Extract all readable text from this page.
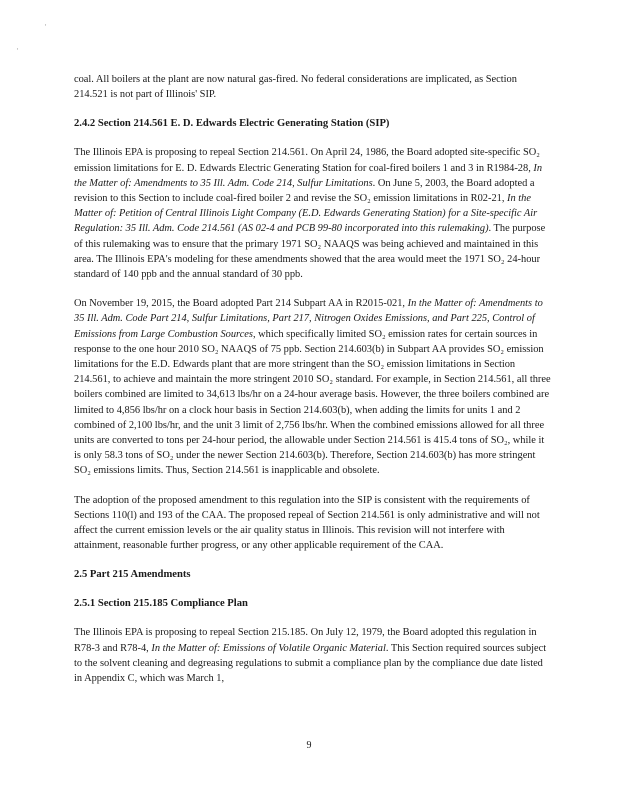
·
·

coal. All boilers at the plant are now natural gas-fired. No federal considerations are implicated, as Section 214.521 is not part of Illinois' SIP.

2.4.2 Section 214.561 E. D. Edwards Electric Generating Station (SIP)

The Illinois EPA is proposing to repeal Section 214.561. On April 24, 1986, the Board adopted site-specific SO₂ emission limitations for E. D. Edwards Electric Generating Station for coal-fired boilers 1 and 3 in R1984-28, In the Matter of: Amendments to 35 Ill. Adm. Code 214, Sulfur Limitations. On June 5, 2003, the Board adopted a revision to this Section to include coal-fired boiler 2 and revise the SO₂ emission limitations in R02-21, In the Matter of: Petition of Central Illinois Light Company (E.D. Edwards Generating Station) for a Site-specific Air Regulation: 35 Ill. Adm. Code 214.561 (AS 02-4 and PCB 99-80 incorporated into this rulemaking). The purpose of this rulemaking was to ensure that the primary 1971 SO₂ NAAQS was being achieved and maintained in this area. The Illinois EPA's modeling for these amendments showed that the area would meet the 1971 SO₂ 24-hour standard of 140 ppb and the annual standard of 30 ppb.

On November 19, 2015, the Board adopted Part 214 Subpart AA in R2015-021, In the Matter of: Amendments to 35 Ill. Adm. Code Part 214, Sulfur Limitations, Part 217, Nitrogen Oxides Emissions, and Part 225, Control of Emissions from Large Combustion Sources, which specifically limited SO₂ emission rates for certain sources in response to the one hour 2010 SO₂ NAAQS of 75 ppb. Section 214.603(b) in Subpart AA provides SO₂ emission limitations for the E.D. Edwards plant that are more stringent than the SO₂ emission limitations in Section 214.561, to achieve and maintain the more stringent 2010 SO₂ standard. For example, in Section 214.561, all three boilers combined are limited to 34,613 lbs/hr on a 24-hour average basis. However, the three boilers combined are limited to 4,856 lbs/hr on a clock hour basis in Section 214.603(b), when adding the limits for units 1 and 2 combined of 2,100 lbs/hr, and the unit 3 limit of 2,756 lbs/hr. When the combined emissions allowed for all three units are converted to tons per 24-hour period, the allowable under Section 214.561 is 415.4 tons of SO₂, while it is only 58.3 tons of SO₂ under the newer Section 214.603(b). Therefore, Section 214.603(b) has more stringent SO₂ emissions limits. Thus, Section 214.561 is inapplicable and obsolete.

The adoption of the proposed amendment to this regulation into the SIP is consistent with the requirements of Sections 110(l) and 193 of the CAA. The proposed repeal of Section 214.561 is only administrative and will not affect the current emission levels or the air quality status in Illinois. This revision will not interfere with attainment, reasonable further progress, or any other applicable requirement of the CAA.

2.5 Part 215 Amendments
2.5.1 Section 215.185 Compliance Plan

The Illinois EPA is proposing to repeal Section 215.185. On July 12, 1979, the Board adopted this regulation in R78-3 and R78-4, In the Matter of: Emissions of Volatile Organic Material. This Section required sources subject to the solvent cleaning and degreasing regulations to submit a compliance plan by the compliance due date listed in Appendix C, which was March 1,

9
